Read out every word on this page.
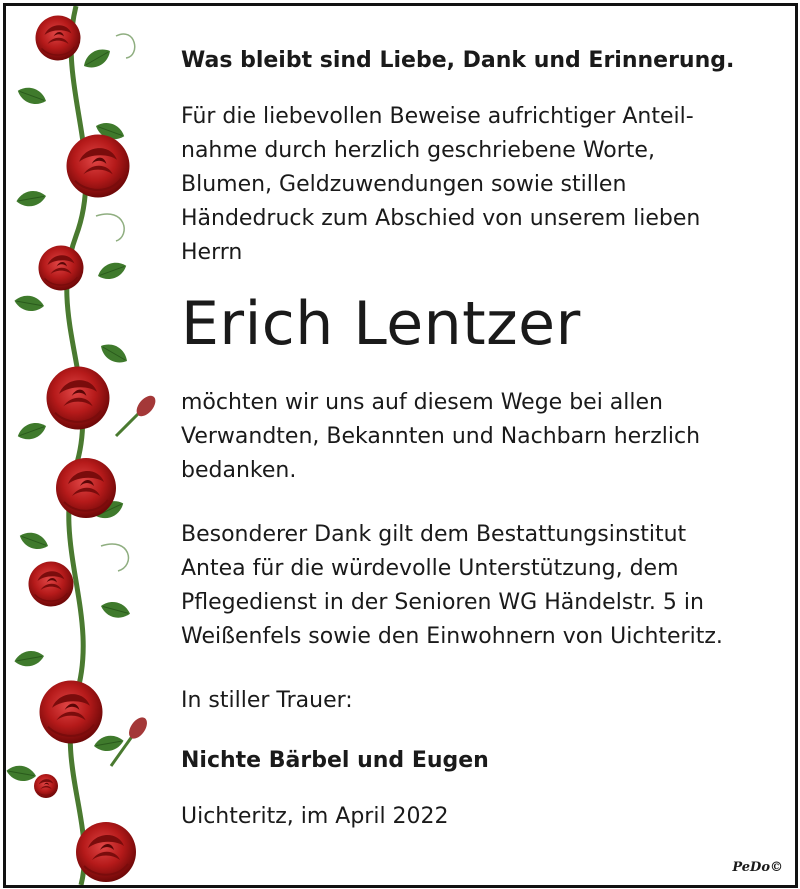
Was bleibt sind Liebe, Dank und Erinnerung.

Für die liebevollen Beweise aufrichtiger Anteil-
nahme durch herzlich geschriebene Worte,
Blumen, Geldzuwendungen sowie stillen
Händedruck zum Abschied von unserem lieben
Herrn

Erich Lentzer

möchten wir uns auf diesem Wege bei allen
Verwandten, Bekannten und Nachbarn herzlich
bedanken.

Besonderer Dank gilt dem Bestattungsinstitut
Antea für die würdevolle Unterstützung, dem
Pflegedienst in der Senioren WG Händelstr. 5 in
Weißenfels sowie den Einwohnern von Uichteritz.

In stiller Trauer:

Nichte Bärbel und Eugen

Uichteritz, im April 2022

PeDo©
